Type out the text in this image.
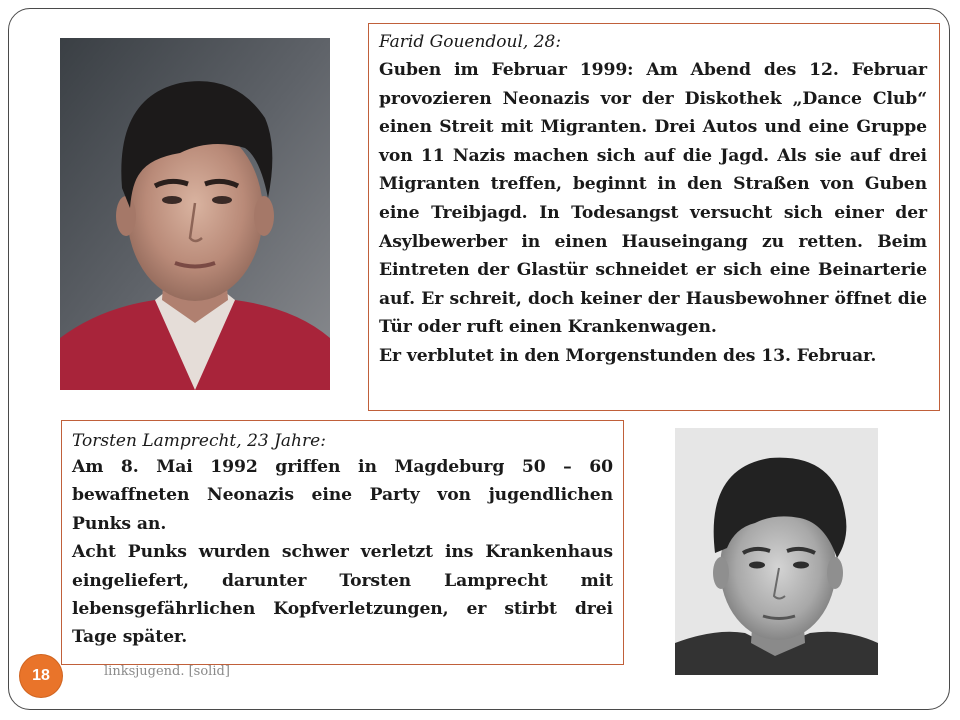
Farid Gouendoul, 28:

Guben im Februar 1999: Am Abend des 12. Februar provozieren Neonazis vor der Diskothek „Dance Club“ einen Streit mit Migranten. Drei Autos und eine Gruppe von 11 Nazis machen sich auf die Jagd. Als sie auf drei Migranten treffen, beginnt in den Straßen von Guben eine Treibjagd. In Todesangst versucht sich einer der Asylbewerber in einen Hauseingang zu retten. Beim Eintreten der Glastür schneidet er sich eine Beinarterie auf. Er schreit, doch keiner der Hausbewohner öffnet die Tür oder ruft einen Krankenwagen.

Er verblutet in den Morgenstunden des 13. Februar.

Torsten Lamprecht, 23 Jahre:

Am 8. Mai 1992 griffen in Magdeburg 50 – 60 bewaffneten Neonazis eine Party von jugendlichen Punks an.

Acht Punks wurden schwer verletzt ins Krankenhaus eingeliefert, darunter Torsten Lamprecht mit lebensgefährlichen Kopfverletzungen, er stirbt drei Tage später.

18	linksjugend. [solid]
